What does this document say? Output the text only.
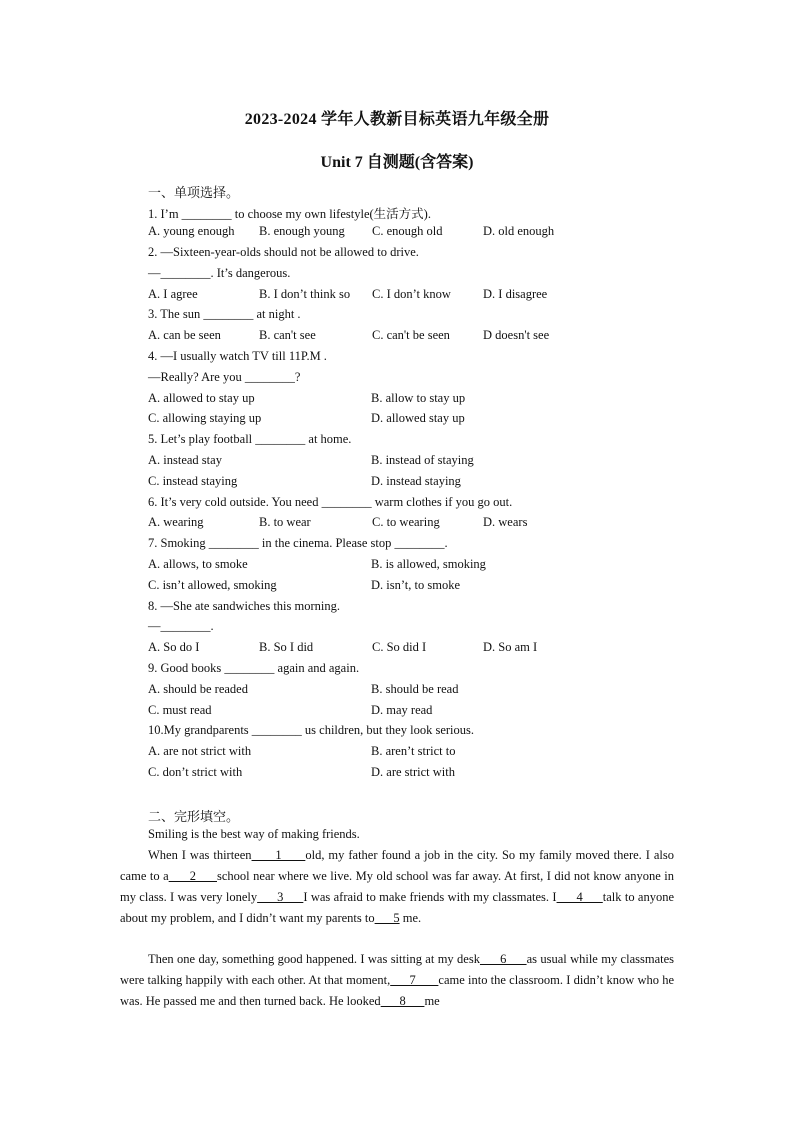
2023-2024 学年人教新目标英语九年级全册
Unit 7 自测题(含答案)
一、单项选择。
1. I’m ________ to choose my own lifestyle(生活方式).
A. young enough B. enough young C. enough old	D. old enough
2. —Sixteen-year-olds should not be allowed to drive.
—________. It’s dangerous.
A. I agree	B. I don’t think so C. I don’t know	D. I disagree
3. The sun ________ at night .
A. can be seen	B. can't see	C. can't be seen	D doesn't see
4. —I usually watch TV till 11P.M .
—Really? Are you ________?
A. allowed to stay up	B. allow to stay up
C. allowing staying up	D. allowed stay up
5. Let’s play football ________ at home.
A. instead stay	B. instead of staying
C. instead staying	D. instead staying
6. It’s very cold outside. You need ________ warm clothes if you go out.
A. wearing	B. to wear	C. to wearing	D. wears
7. Smoking ________ in the cinema. Please stop ________.
A. allows, to smoke	B. is allowed, smoking
C. isn’t allowed, smoking	D. isn’t, to smoke
8. —She ate sandwiches this morning.
—________.
A. So do I	B. So I did	C. So did I	D. So am I
9. Good books ________ again and again.
A. should be readed	B. should be read
C. must read	D. may read
10.My grandparents ________ us children, but they look serious.
A. are not strict with	B. aren’t strict to
C. don’t strict with	D. are strict with
二、完形填空。
Smiling is the best way of making friends.
When I was thirteen      1      old, my father found a job in the city. So my family moved there. I also came to a      2      school near where we live. My old school was far away. At first, I did not know anyone in my class. I was very lonely      3      I was afraid to make friends with my classmates. I      4      talk to anyone about my problem, and I didn’t want my parents to      5 me.
Then one day, something good happened. I was sitting at my desk      6      as usual while my classmates were talking happily with each other. At that moment,      7       came into the classroom. I didn’t know who he was. He passed me and then turned back. He looked      8      me
